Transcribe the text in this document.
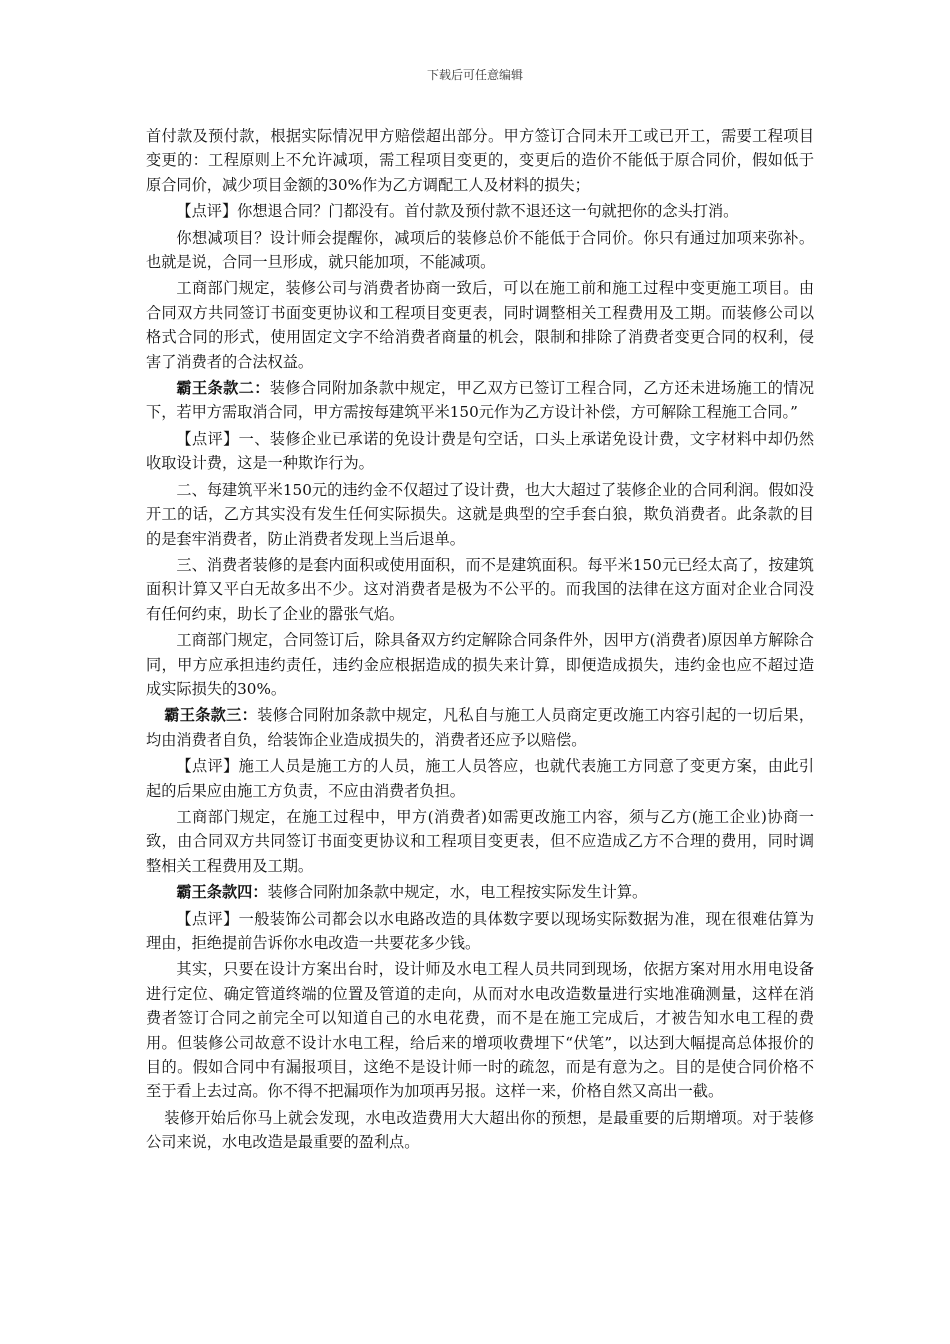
下载后可任意编辑

首付款及预付款，根据实际情况甲方赔偿超出部分。甲方签订合同未开工或已开工，需要工程项目变更的：工程原则上不允许减项，需工程项目变更的，变更后的造价不能低于原合同价，假如低于原合同价，减少项目金额的30%作为乙方调配工人及材料的损失；

【点评】你想退合同？门都没有。首付款及预付款不退还这一句就把你的念头打消。

你想减项目？设计师会提醒你，减项后的装修总价不能低于合同价。你只有通过加项来弥补。也就是说，合同一旦形成，就只能加项，不能减项。

工商部门规定，装修公司与消费者协商一致后，可以在施工前和施工过程中变更施工项目。由合同双方共同签订书面变更协议和工程项目变更表，同时调整相关工程费用及工期。而装修公司以格式合同的形式，使用固定文字不给消费者商量的机会，限制和排除了消费者变更合同的权利，侵害了消费者的合法权益。

霸王条款二：装修合同附加条款中规定，甲乙双方已签订工程合同，乙方还未进场施工的情况下，若甲方需取消合同，甲方需按每建筑平米150元作为乙方设计补偿，方可解除工程施工合同。”

【点评】一、装修企业已承诺的免设计费是句空话，口头上承诺免设计费，文字材料中却仍然收取设计费，这是一种欺诈行为。

二、每建筑平米150元的违约金不仅超过了设计费，也大大超过了装修企业的合同利润。假如没开工的话，乙方其实没有发生任何实际损失。这就是典型的空手套白狼，欺负消费者。此条款的目的是套牢消费者，防止消费者发现上当后退单。

三、消费者装修的是套内面积或使用面积，而不是建筑面积。每平米150元已经太高了，按建筑面积计算又平白无故多出不少。这对消费者是极为不公平的。而我国的法律在这方面对企业合同没有任何约束，助长了企业的嚣张气焰。

工商部门规定，合同签订后，除具备双方约定解除合同条件外，因甲方(消费者)原因单方解除合同，甲方应承担违约责任，违约金应根据造成的损失来计算，即便造成损失，违约金也应不超过造成实际损失的30%。

霸王条款三：装修合同附加条款中规定，凡私自与施工人员商定更改施工内容引起的一切后果，均由消费者自负，给装饰企业造成损失的，消费者还应予以赔偿。

【点评】施工人员是施工方的人员，施工人员答应，也就代表施工方同意了变更方案，由此引起的后果应由施工方负责，不应由消费者负担。

工商部门规定，在施工过程中，甲方(消费者)如需更改施工内容，须与乙方(施工企业)协商一致，由合同双方共同签订书面变更协议和工程项目变更表，但不应造成乙方不合理的费用，同时调整相关工程费用及工期。

霸王条款四：装修合同附加条款中规定，水，电工程按实际发生计算。

【点评】一般装饰公司都会以水电路改造的具体数字要以现场实际数据为准，现在很难估算为理由，拒绝提前告诉你水电改造一共要花多少钱。

其实，只要在设计方案出台时，设计师及水电工程人员共同到现场，依据方案对用水用电设备进行定位、确定管道终端的位置及管道的走向，从而对水电改造数量进行实地准确测量，这样在消费者签订合同之前完全可以知道自己的水电花费，而不是在施工完成后，才被告知水电工程的费用。但装修公司故意不设计水电工程，给后来的增项收费埋下“伏笔”，以达到大幅提高总体报价的目的。假如合同中有漏报项目，这绝不是设计师一时的疏忽，而是有意为之。目的是使合同价格不至于看上去过高。你不得不把漏项作为加项再另报。这样一来，价格自然又高出一截。

装修开始后你马上就会发现，水电改造费用大大超出你的预想，是最重要的后期增项。对于装修公司来说，水电改造是最重要的盈利点。
